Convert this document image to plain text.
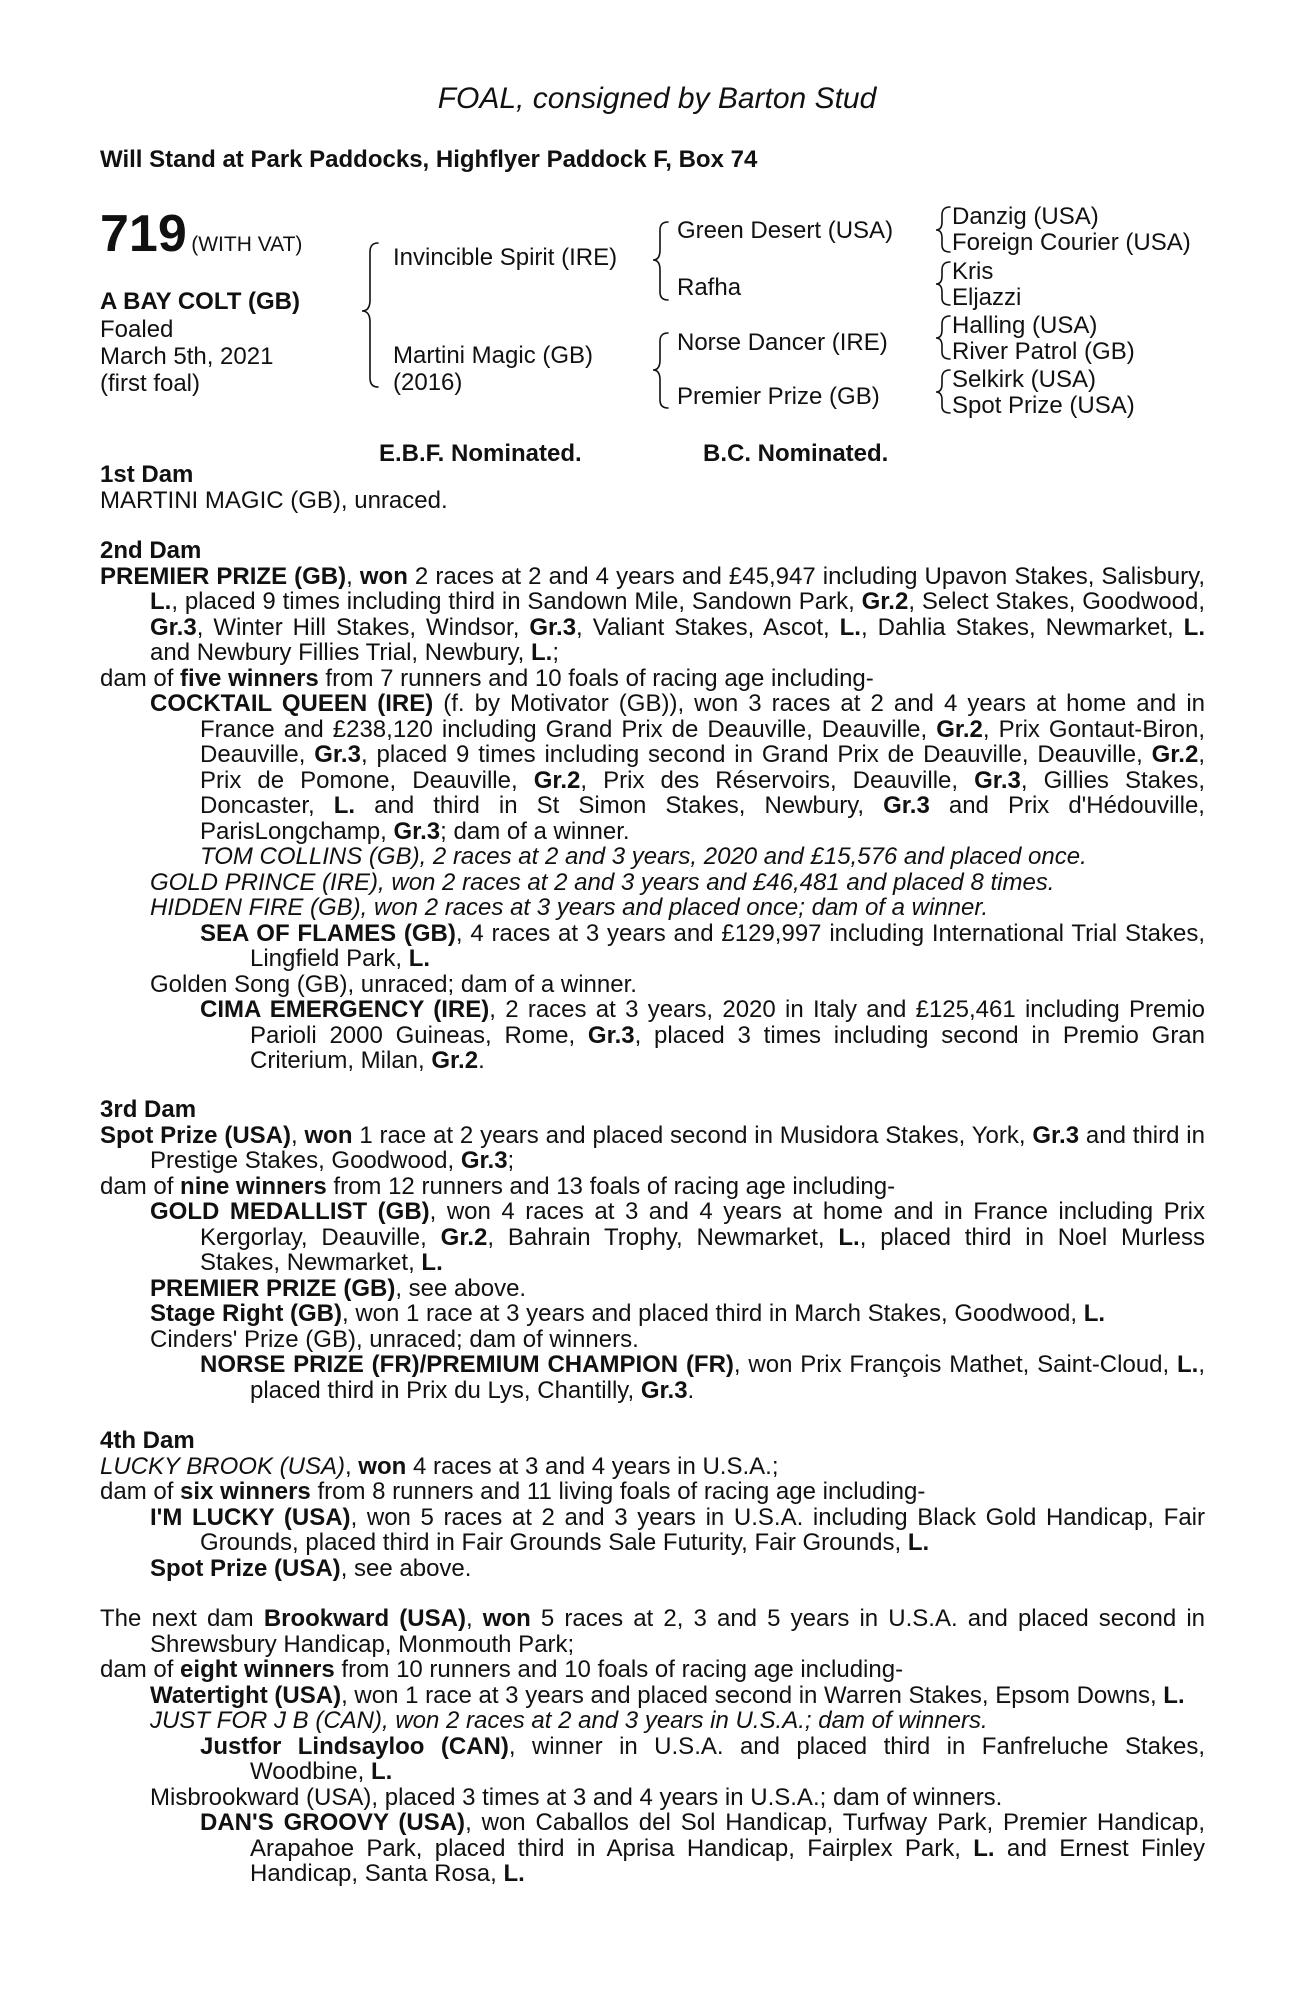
FOAL, consigned by Barton Stud
Will Stand at Park Paddocks, Highflyer Paddock F, Box 74
719 (WITH VAT)
A BAY COLT (GB)
Foaled
March 5th, 2021
(first foal)
Invincible Spirit (IRE)
Martini Magic (GB)
(2016)
Green Desert (USA)
Rafha
Norse Dancer (IRE)
Premier Prize (GB)
Danzig (USA)
Foreign Courier (USA)
Kris
Eljazzi
Halling (USA)
River Patrol (GB)
Selkirk (USA)
Spot Prize (USA)
E.B.F. Nominated.	B.C. Nominated.
1st Dam

MARTINI MAGIC (GB), unraced.

2nd Dam

PREMIER PRIZE (GB), won 2 races at 2 and 4 years and £45,947 including Upavon Stakes, Salisbury, L., placed 9 times including third in Sandown Mile, Sandown Park, Gr.2, Select Stakes, Goodwood, Gr.3, Winter Hill Stakes, Windsor, Gr.3, Valiant Stakes, Ascot, L., Dahlia Stakes, Newmarket, L. and Newbury Fillies Trial, Newbury, L.;

dam of five winners from 7 runners and 10 foals of racing age including-

COCKTAIL QUEEN (IRE) (f. by Motivator (GB)), won 3 races at 2 and 4 years at home and in France and £238,120 including Grand Prix de Deauville, Deauville, Gr.2, Prix Gontaut-Biron, Deauville, Gr.3, placed 9 times including second in Grand Prix de Deauville, Deauville, Gr.2, Prix de Pomone, Deauville, Gr.2, Prix des Réservoirs, Deauville, Gr.3, Gillies Stakes, Doncaster, L. and third in St Simon Stakes, Newbury, Gr.3 and Prix d'Hédouville, ParisLongchamp, Gr.3; dam of a winner.

TOM COLLINS (GB), 2 races at 2 and 3 years, 2020 and £15,576 and placed once.

GOLD PRINCE (IRE), won 2 races at 2 and 3 years and £46,481 and placed 8 times.

HIDDEN FIRE (GB), won 2 races at 3 years and placed once; dam of a winner.

SEA OF FLAMES (GB), 4 races at 3 years and £129,997 including International Trial Stakes, Lingfield Park, L.

Golden Song (GB), unraced; dam of a winner.

CIMA EMERGENCY (IRE), 2 races at 3 years, 2020 in Italy and £125,461 including Premio Parioli 2000 Guineas, Rome, Gr.3, placed 3 times including second in Premio Gran Criterium, Milan, Gr.2.

3rd Dam

Spot Prize (USA), won 1 race at 2 years and placed second in Musidora Stakes, York, Gr.3 and third in Prestige Stakes, Goodwood, Gr.3;

dam of nine winners from 12 runners and 13 foals of racing age including-

GOLD MEDALLIST (GB), won 4 races at 3 and 4 years at home and in France including Prix Kergorlay, Deauville, Gr.2, Bahrain Trophy, Newmarket, L., placed third in Noel Murless Stakes, Newmarket, L.

PREMIER PRIZE (GB), see above.

Stage Right (GB), won 1 race at 3 years and placed third in March Stakes, Goodwood, L.

Cinders' Prize (GB), unraced; dam of winners.

NORSE PRIZE (FR)/PREMIUM CHAMPION (FR), won Prix François Mathet, Saint-Cloud, L., placed third in Prix du Lys, Chantilly, Gr.3.

4th Dam

LUCKY BROOK (USA), won 4 races at 3 and 4 years in U.S.A.;

dam of six winners from 8 runners and 11 living foals of racing age including-

I'M LUCKY (USA), won 5 races at 2 and 3 years in U.S.A. including Black Gold Handicap, Fair Grounds, placed third in Fair Grounds Sale Futurity, Fair Grounds, L.

Spot Prize (USA), see above.

The next dam Brookward (USA), won 5 races at 2, 3 and 5 years in U.S.A. and placed second in Shrewsbury Handicap, Monmouth Park;

dam of eight winners from 10 runners and 10 foals of racing age including-

Watertight (USA), won 1 race at 3 years and placed second in Warren Stakes, Epsom Downs, L.

JUST FOR J B (CAN), won 2 races at 2 and 3 years in U.S.A.; dam of winners.

Justfor Lindsayloo (CAN), winner in U.S.A. and placed third in Fanfreluche Stakes, Woodbine, L.

Misbrookward (USA), placed 3 times at 3 and 4 years in U.S.A.; dam of winners.

DAN'S GROOVY (USA), won Caballos del Sol Handicap, Turfway Park, Premier Handicap, Arapahoe Park, placed third in Aprisa Handicap, Fairplex Park, L. and Ernest Finley Handicap, Santa Rosa, L.
